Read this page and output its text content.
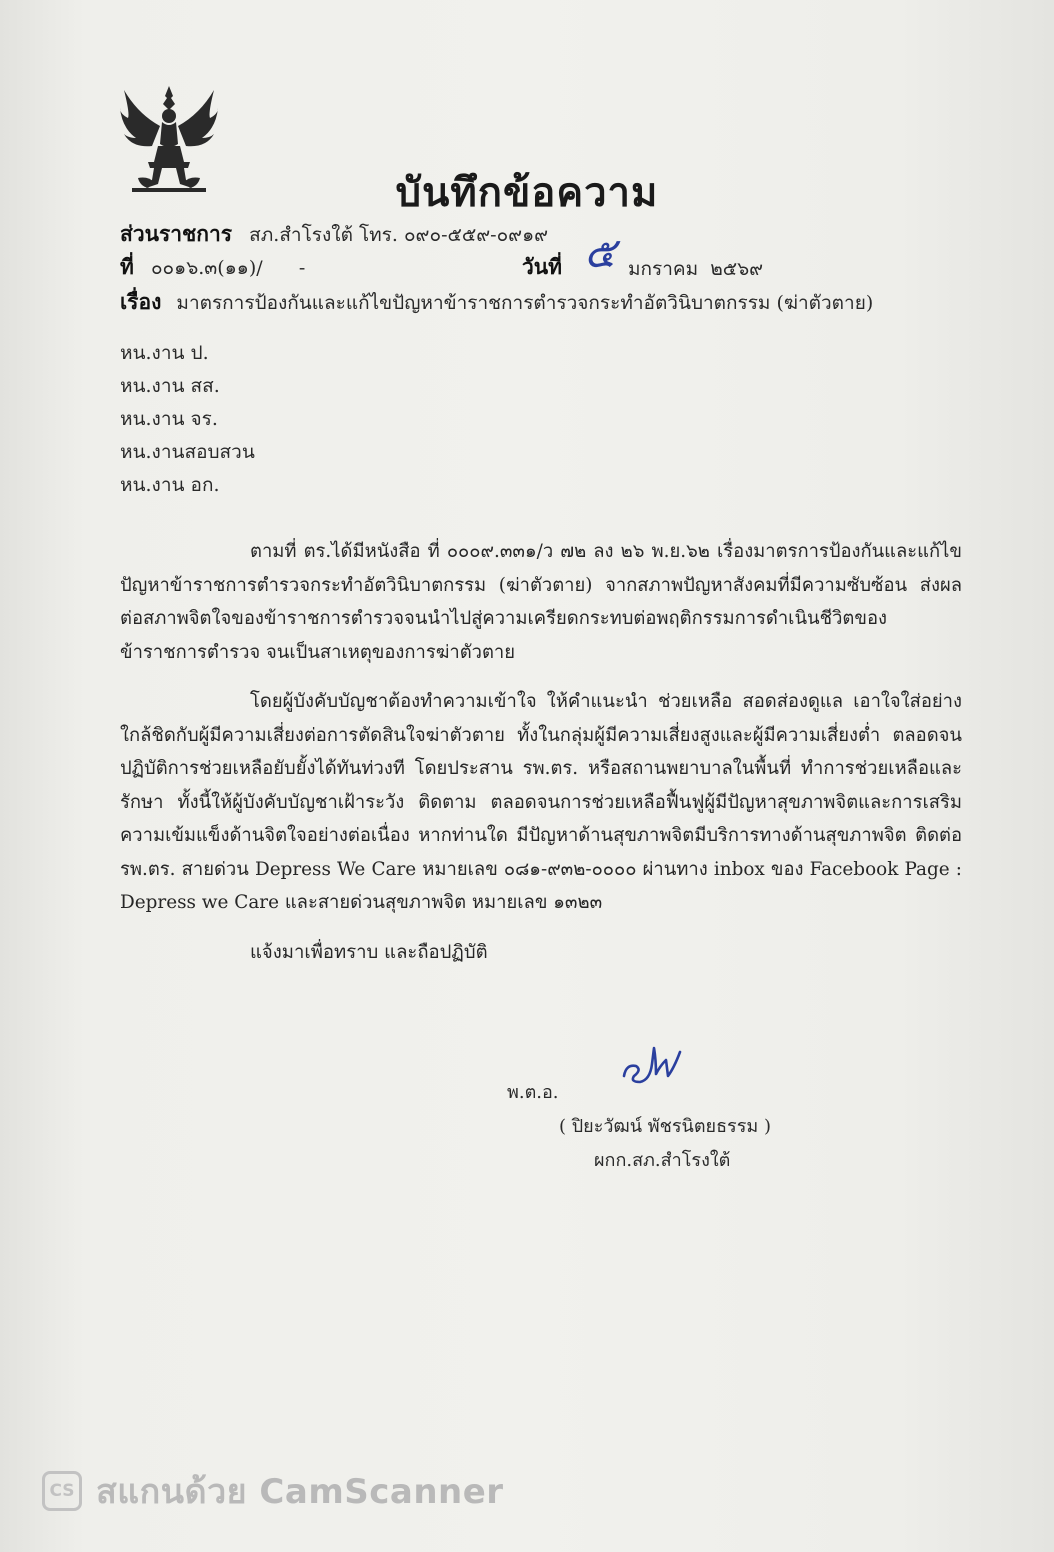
บันทึกข้อความ
ส่วนราชการ สภ.สำโรงใต้ โทร. ๐๙๐-๕๕๙-๐๙๑๙
ที่ ๐๐๑๖.๓(๑๑)/      -	วันที่ ๕ มกราคม  ๒๕๖๙
เรื่อง มาตรการป้องกันและแก้ไขปัญหาข้าราชการตำรวจกระทำอัตวินิบาตกรรม (ฆ่าตัวตาย)
หน.งาน ป.
หน.งาน สส.
หน.งาน จร.
หน.งานสอบสวน
หน.งาน อก.
ตามที่ ตร.ได้มีหนังสือ ที่ ๐๐๐๙.๓๓๑/ว ๗๒ ลง ๒๖ พ.ย.๖๒ เรื่องมาตรการป้องกันและแก้ไขปัญหาข้าราชการตำรวจกระทำอัตวินิบาตกรรม (ฆ่าตัวตาย) จากสภาพปัญหาสังคมที่มีความซับซ้อน ส่งผลต่อสภาพจิตใจของข้าราชการตำรวจจนนำไปสู่ความเครียดกระทบต่อพฤติกรรมการดำเนินชีวิตของข้าราชการตำรวจ จนเป็นสาเหตุของการฆ่าตัวตาย
โดยผู้บังคับบัญชาต้องทำความเข้าใจ ให้คำแนะนำ ช่วยเหลือ สอดส่องดูแล เอาใจใส่อย่างใกล้ชิดกับผู้มีความเสี่ยงต่อการตัดสินใจฆ่าตัวตาย ทั้งในกลุ่มผู้มีความเสี่ยงสูงและผู้มีความเสี่ยงต่ำ ตลอดจนปฏิบัติการช่วยเหลือยับยั้งได้ทันท่วงที โดยประสาน รพ.ตร. หรือสถานพยาบาลในพื้นที่ ทำการช่วยเหลือและรักษา ทั้งนี้ให้ผู้บังคับบัญชาเฝ้าระวัง ติดตาม ตลอดจนการช่วยเหลือฟื้นฟูผู้มีปัญหาสุขภาพจิตและการเสริมความเข้มแข็งด้านจิตใจอย่างต่อเนื่อง หากท่านใด มีปัญหาด้านสุขภาพจิตมีบริการทางด้านสุขภาพจิต ติดต่อ รพ.ตร. สายด่วน Depress We Care หมายเลข ๐๘๑-๙๓๒-๐๐๐๐ ผ่านทาง inbox ของ Facebook Page : Depress we Care และสายด่วนสุขภาพจิต หมายเลข ๑๓๒๓
แจ้งมาเพื่อทราบ และถือปฏิบัติ
พ.ต.อ.
( ปิยะวัฒน์ พัชรนิตยธรรม )
ผกก.สภ.สำโรงใต้
CS สแกนด้วย CamScanner
